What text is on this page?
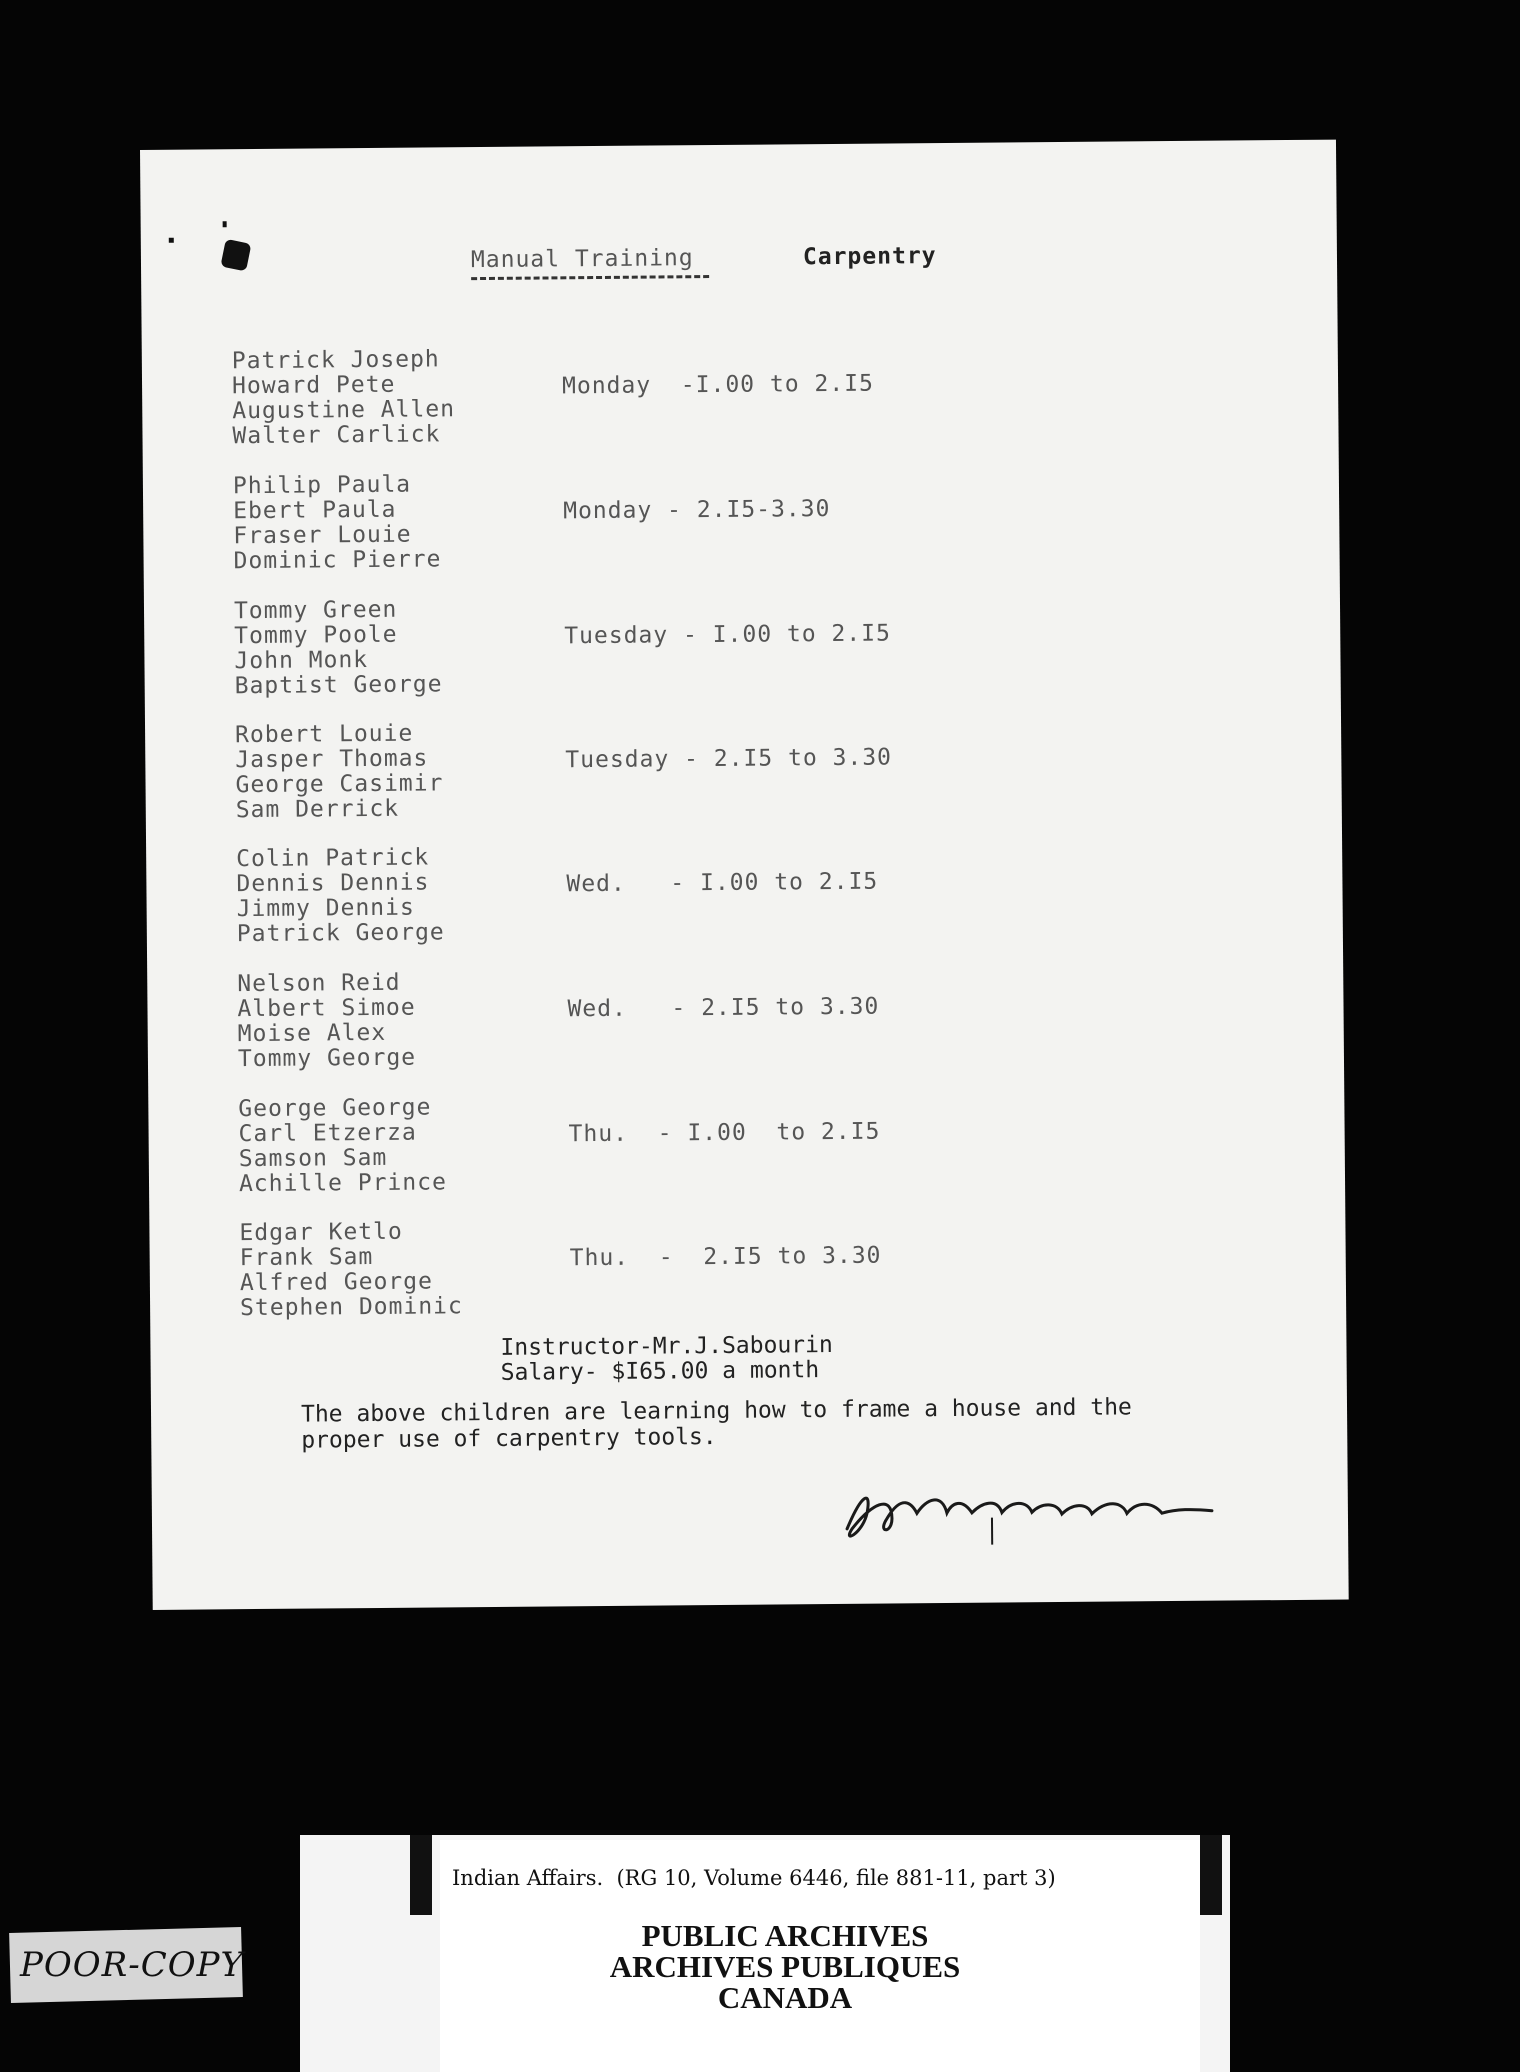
Manual Training	Carpentry
Patrick Joseph
Howard Pete
Augustine Allen
Walter Carlick
Monday  -I.00 to 2.I5
Philip Paula
Ebert Paula
Fraser Louie
Dominic Pierre
Monday - 2.I5-3.30
Tommy Green
Tommy Poole
John Monk
Baptist George
Tuesday - I.00 to 2.I5
Robert Louie
Jasper Thomas
George Casimir
Sam Derrick
Tuesday - 2.I5 to 3.30
Colin Patrick
Dennis Dennis
Jimmy Dennis
Patrick George
Wed.   - I.00 to 2.I5
Nelson Reid
Albert Simoe
Moise Alex
Tommy George
Wed.   - 2.I5 to 3.30
George George
Carl Etzerza
Samson Sam
Achille Prince
Thu.  - I.00  to 2.I5
Edgar Ketlo
Frank Sam
Alfred George
Stephen Dominic
Thu.  -  2.I5 to 3.30
Instructor-Mr.J.Sabourin
Salary- $I65.00 a month
The above children are learning how to frame a house and the
proper use of carpentry tools.
Indian Affairs.  (RG 10, Volume 6446, file 881-11, part 3)
PUBLIC ARCHIVES
ARCHIVES PUBLIQUES
CANADA
POOR-COPY
